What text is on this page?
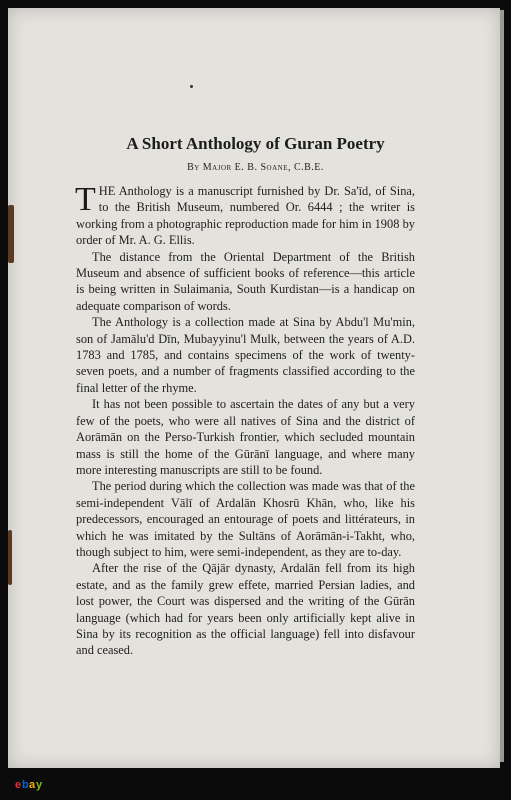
A Short Anthology of Guran Poetry
By Major E. B. Soane, C.B.E.

THE Anthology is a manuscript furnished by Dr. Sa'īd, of Sina, to the British Museum, numbered Or. 6444 ; the writer is working from a photographic reproduction made for him in 1908 by order of Mr. A. G. Ellis.

The distance from the Oriental Department of the British Museum and absence of sufficient books of reference—this article is being written in Sulaimania, South Kurdistan—is a handicap on adequate comparison of words.

The Anthology is a collection made at Sina by Abdu'l Mu'min, son of Jamālu'd Dīn, Mubayyinu'l Mulk, between the years of A.D. 1783 and 1785, and contains specimens of the work of twenty-seven poets, and a number of fragments classified according to the final letter of the rhyme.

It has not been possible to ascertain the dates of any but a very few of the poets, who were all natives of Sina and the district of Aorāmān on the Perso-Turkish frontier, which secluded mountain mass is still the home of the Gūrānī language, and where many more interesting manuscripts are still to be found.

The period during which the collection was made was that of the semi-independent Vālī of Ardalān Khosrū Khān, who, like his predecessors, encouraged an entourage of poets and littérateurs, in which he was imitated by the Sultāns of Aorāmān-i-Takht, who, though subject to him, were semi-independent, as they are to-day.

After the rise of the Qājār dynasty, Ardalān fell from its high estate, and as the family grew effete, married Persian ladies, and lost power, the Court was dispersed and the writing of the Gūrān language (which had for years been only artificially kept alive in Sina by its recognition as the official language) fell into disfavour and ceased.

e b a y
